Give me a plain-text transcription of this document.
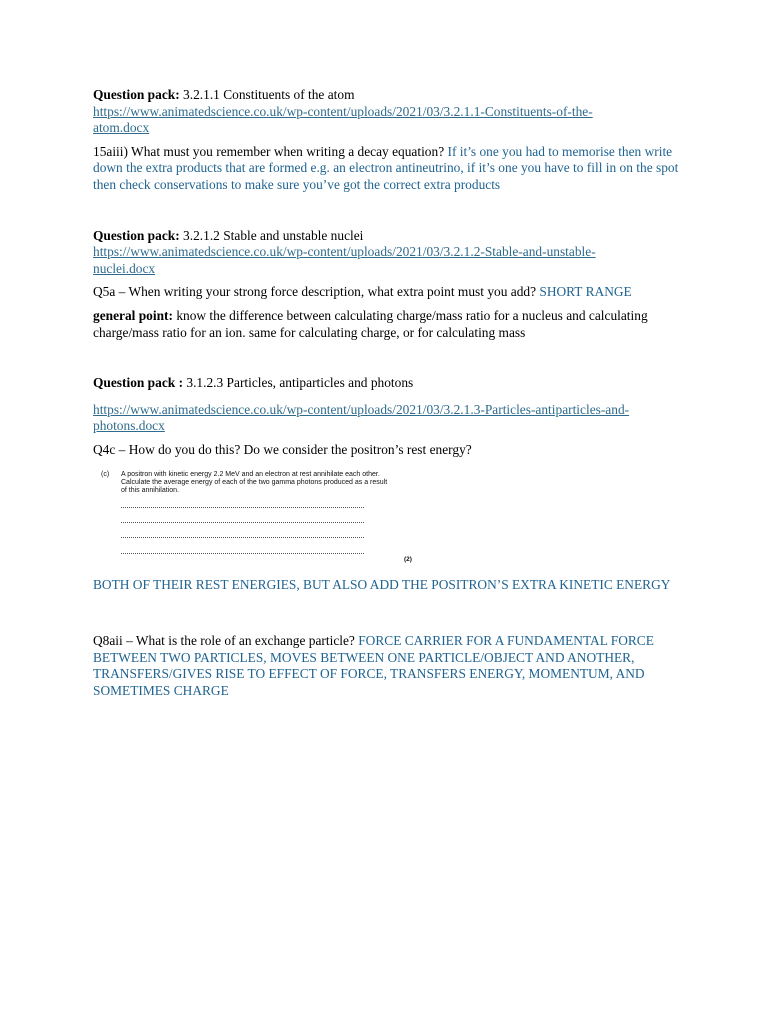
Question pack: 3.2.1.1 Constituents of the atom

https://www.animatedscience.co.uk/wp-content/uploads/2021/03/3.2.1.1-Constituents-of-the-
atom.docx

15aiii) What must you remember when writing a decay equation? If it’s one you had to memorise then write down the extra products that are formed e.g. an electron antineutrino, if it’s one you have to fill in on the spot then check conservations to make sure you’ve got the correct extra products

Question pack: 3.2.1.2 Stable and unstable nuclei

https://www.animatedscience.co.uk/wp-content/uploads/2021/03/3.2.1.2-Stable-and-unstable-
nuclei.docx

Q5a – When writing your strong force description, what extra point must you add? SHORT RANGE

general point: know the difference between calculating charge/mass ratio for a nucleus and calculating charge/mass ratio for an ion. same for calculating charge, or for calculating mass

Question pack : 3.1.2.3 Particles, antiparticles and photons

https://www.animatedscience.co.uk/wp-content/uploads/2021/03/3.2.1.3-Particles-antiparticles-and-
photons.docx

Q4c – How do you do this? Do we consider the positron’s rest energy?

(c) A positron with kinetic energy 2.2 MeV and an electron at rest annihilate each other.
Calculate the average energy of each of the two gamma photons produced as a result
of this annihilation.
(2)

BOTH OF THEIR REST ENERGIES, BUT ALSO ADD THE POSITRON’S EXTRA KINETIC ENERGY

Q8aii – What is the role of an exchange particle? FORCE CARRIER FOR A FUNDAMENTAL FORCE BETWEEN TWO PARTICLES, MOVES BETWEEN ONE PARTICLE/OBJECT AND ANOTHER, TRANSFERS/GIVES RISE TO EFFECT OF FORCE, TRANSFERS ENERGY, MOMENTUM, AND SOMETIMES CHARGE
